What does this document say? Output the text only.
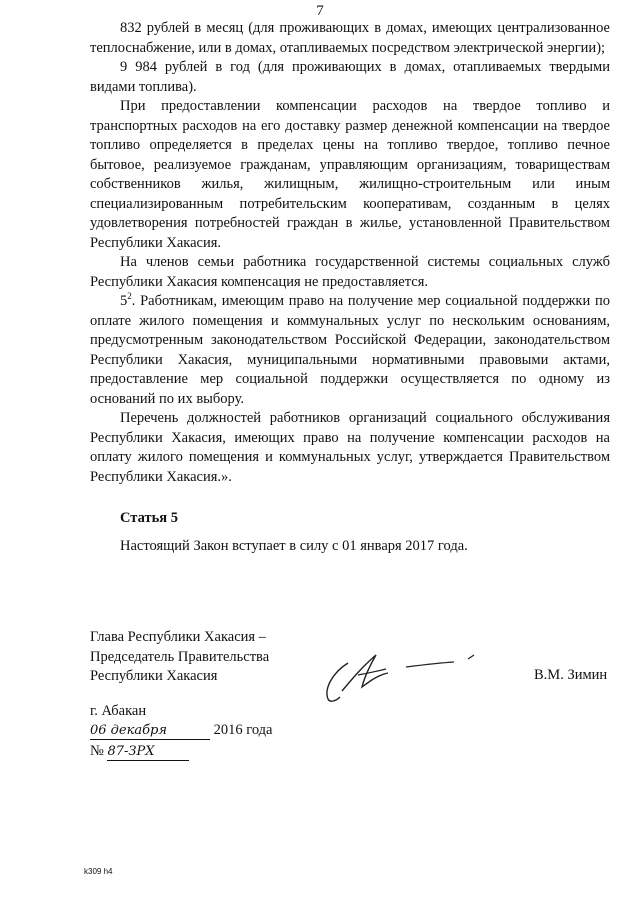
7

832 рублей в месяц (для проживающих в домах, имеющих централизованное теплоснабжение, или в домах, отапливаемых посредством электрической энергии);

9 984 рублей в год (для проживающих в домах, отапливаемых твердыми видами топлива).

При предоставлении компенсации расходов на твердое топливо и транспортных расходов на его доставку размер денежной компенсации на твердое топливо определяется в пределах цены на топливо твердое, топливо печное бытовое, реализуемое гражданам, управляющим организациям, товариществам собственников жилья, жилищным, жилищно-строительным или иным специализированным потребительским кооперативам, созданным в целях удовлетворения потребностей граждан в жилье, установленной Правительством Республики Хакасия.

На членов семьи работника государственной системы социальных служб Республики Хакасия компенсация не предоставляется.

$5^2$. Работникам, имеющим право на получение мер социальной поддержки по оплате жилого помещения и коммунальных услуг по нескольким основаниям, предусмотренным законодательством Российской Федерации, законодательством Республики Хакасия, муниципальными нормативными правовыми актами, предоставление мер социальной поддержки осуществляется по одному из оснований по их выбору.

Перечень должностей работников организаций социального обслуживания Республики Хакасия, имеющих право на получение компенсации расходов на оплату жилого помещения и коммунальных услуг, утверждается Правительством Республики Хакасия.».

Статья 5

Настоящий Закон вступает в силу с 01 января 2017 года.

Глава Республики Хакасия –
Председатель Правительства
Республики Хакасия	В.М. Зимин
г. Абакан
06 декабря	2016 года
№ 87-ЗРХ
k309 h4
